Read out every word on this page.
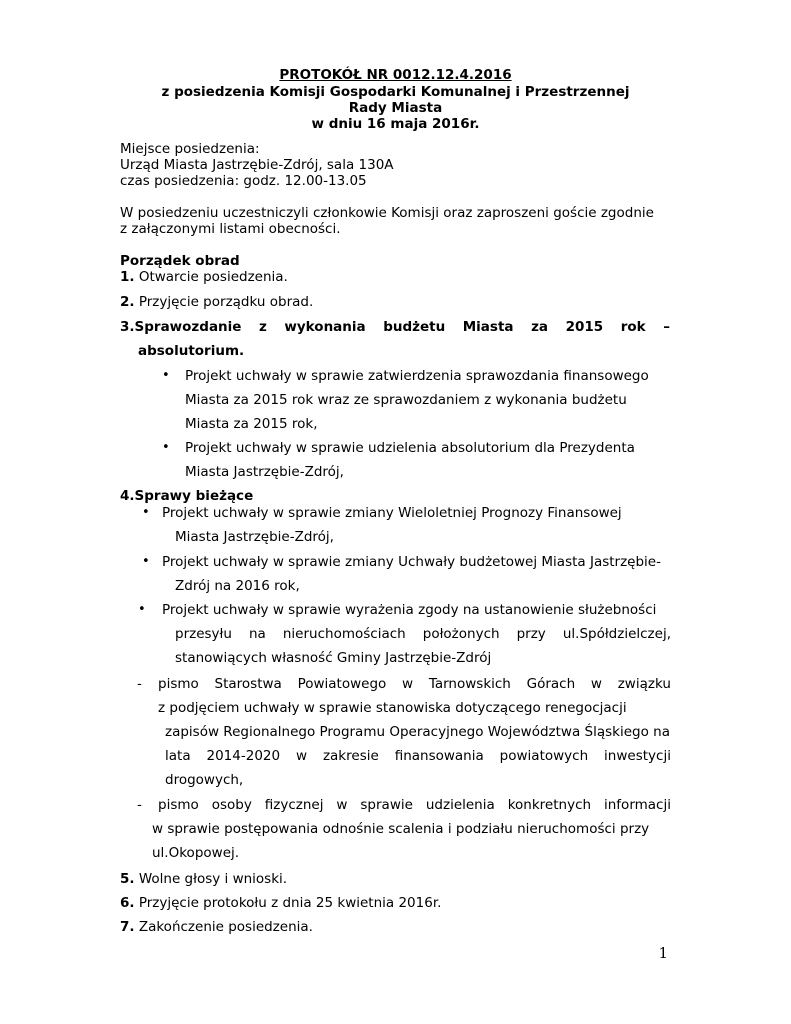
PROTOKÓŁ NR 0012.12.4.2016
z posiedzenia Komisji Gospodarki Komunalnej i Przestrzennej
Rady Miasta
w dniu 16 maja 2016r.
Miejsce posiedzenia:
Urząd Miasta Jastrzębie-Zdrój, sala 130A
czas posiedzenia: godz. 12.00-13.05
W posiedzeniu uczestniczyli członkowie Komisji oraz zaproszeni goście zgodnie
z załączonymi listami obecności.
Porządek obrad
1. Otwarcie posiedzenia.
2. Przyjęcie porządku obrad.
3.Sprawozdanie z wykonania budżetu Miasta za 2015 rok –
absolutorium.
• Projekt uchwały w sprawie zatwierdzenia sprawozdania finansowego
Miasta za 2015 rok wraz ze sprawozdaniem z wykonania budżetu
Miasta za 2015 rok,
• Projekt uchwały w sprawie udzielenia absolutorium dla Prezydenta
Miasta Jastrzębie-Zdrój,
4.Sprawy bieżące
• Projekt uchwały w sprawie zmiany Wieloletniej Prognozy Finansowej
Miasta Jastrzębie-Zdrój,
• Projekt uchwały w sprawie zmiany Uchwały budżetowej Miasta Jastrzębie-
Zdrój na 2016 rok,
• Projekt uchwały w sprawie wyrażenia zgody na ustanowienie służebności
przesyłu na nieruchomościach położonych przy ul.Spółdzielczej,
stanowiących własność Gminy Jastrzębie-Zdrój
- pismo Starostwa Powiatowego w Tarnowskich Górach w związku
z podjęciem uchwały w sprawie stanowiska dotyczącego renegocjacji
zapisów Regionalnego Programu Operacyjnego Województwa Śląskiego na
lata 2014-2020 w zakresie finansowania powiatowych inwestycji
drogowych,
- pismo osoby fizycznej w sprawie udzielenia konkretnych informacji
w sprawie postępowania odnośnie scalenia i podziału nieruchomości przy
ul.Okopowej.
5. Wolne głosy i wnioski.
6. Przyjęcie protokołu z dnia 25 kwietnia 2016r.
7. Zakończenie posiedzenia.
1
